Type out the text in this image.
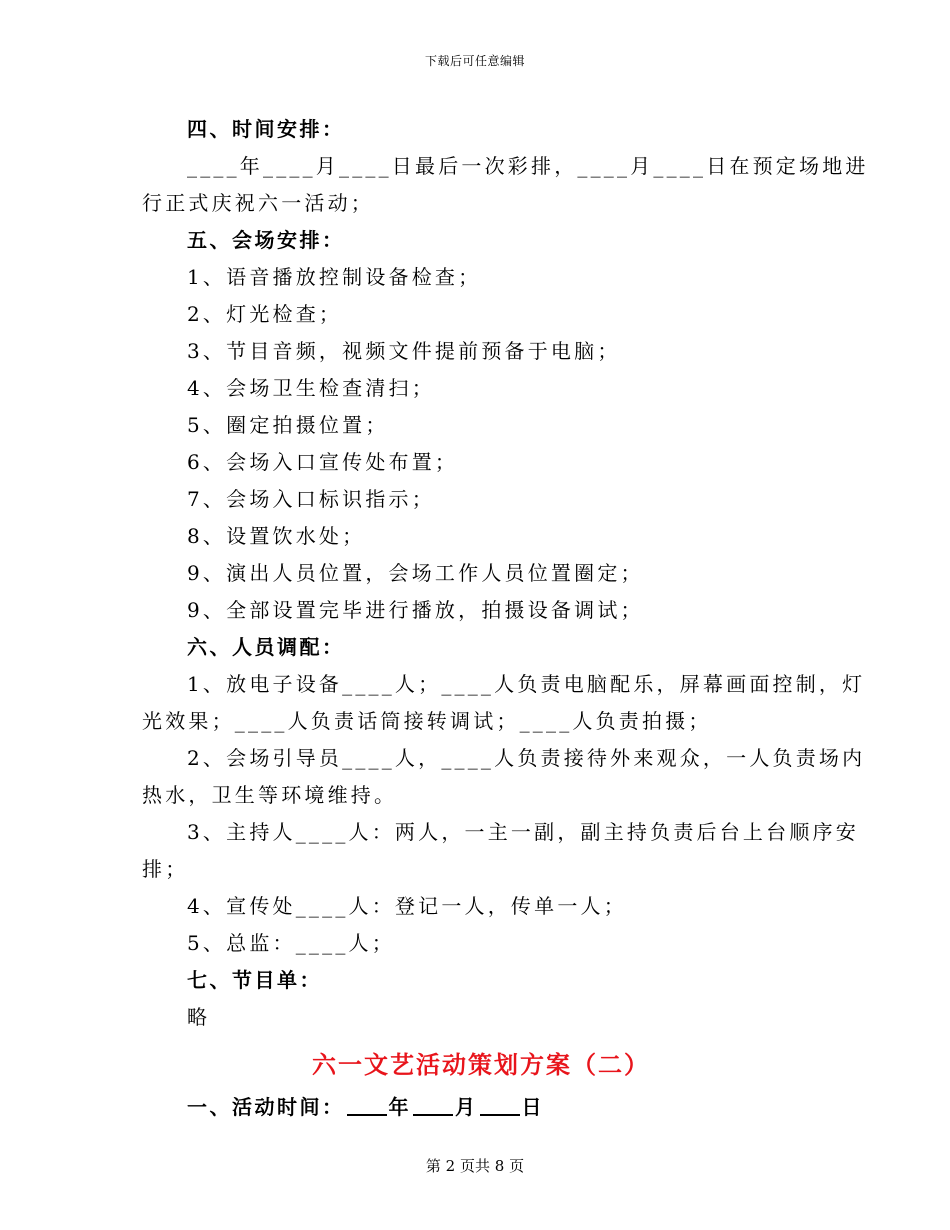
下载后可任意编辑
四、时间安排：
____年____月____日最后一次彩排，____月____日在预定场地进
行正式庆祝六一活动；
五、会场安排：
1、语音播放控制设备检查；
2、灯光检查；
3、节目音频，视频文件提前预备于电脑；
4、会场卫生检查清扫；
5、圈定拍摄位置；
6、会场入口宣传处布置；
7、会场入口标识指示；
8、设置饮水处；
9、演出人员位置，会场工作人员位置圈定；
9、全部设置完毕进行播放，拍摄设备调试；
六、人员调配：
1、放电子设备____人；____人负责电脑配乐，屏幕画面控制，灯
光效果；____人负责话筒接转调试；____人负责拍摄；
2、会场引导员____人，____人负责接待外来观众，一人负责场内
热水，卫生等环境维持。
3、主持人____人：两人，一主一副，副主持负责后台上台顺序安
排；
4、宣传处____人：登记一人，传单一人；
5、总监：____人；
七、节目单：
略
六一文艺活动策划方案（二）
一、活动时间： 年 月 日
第 2 页共 8 页
